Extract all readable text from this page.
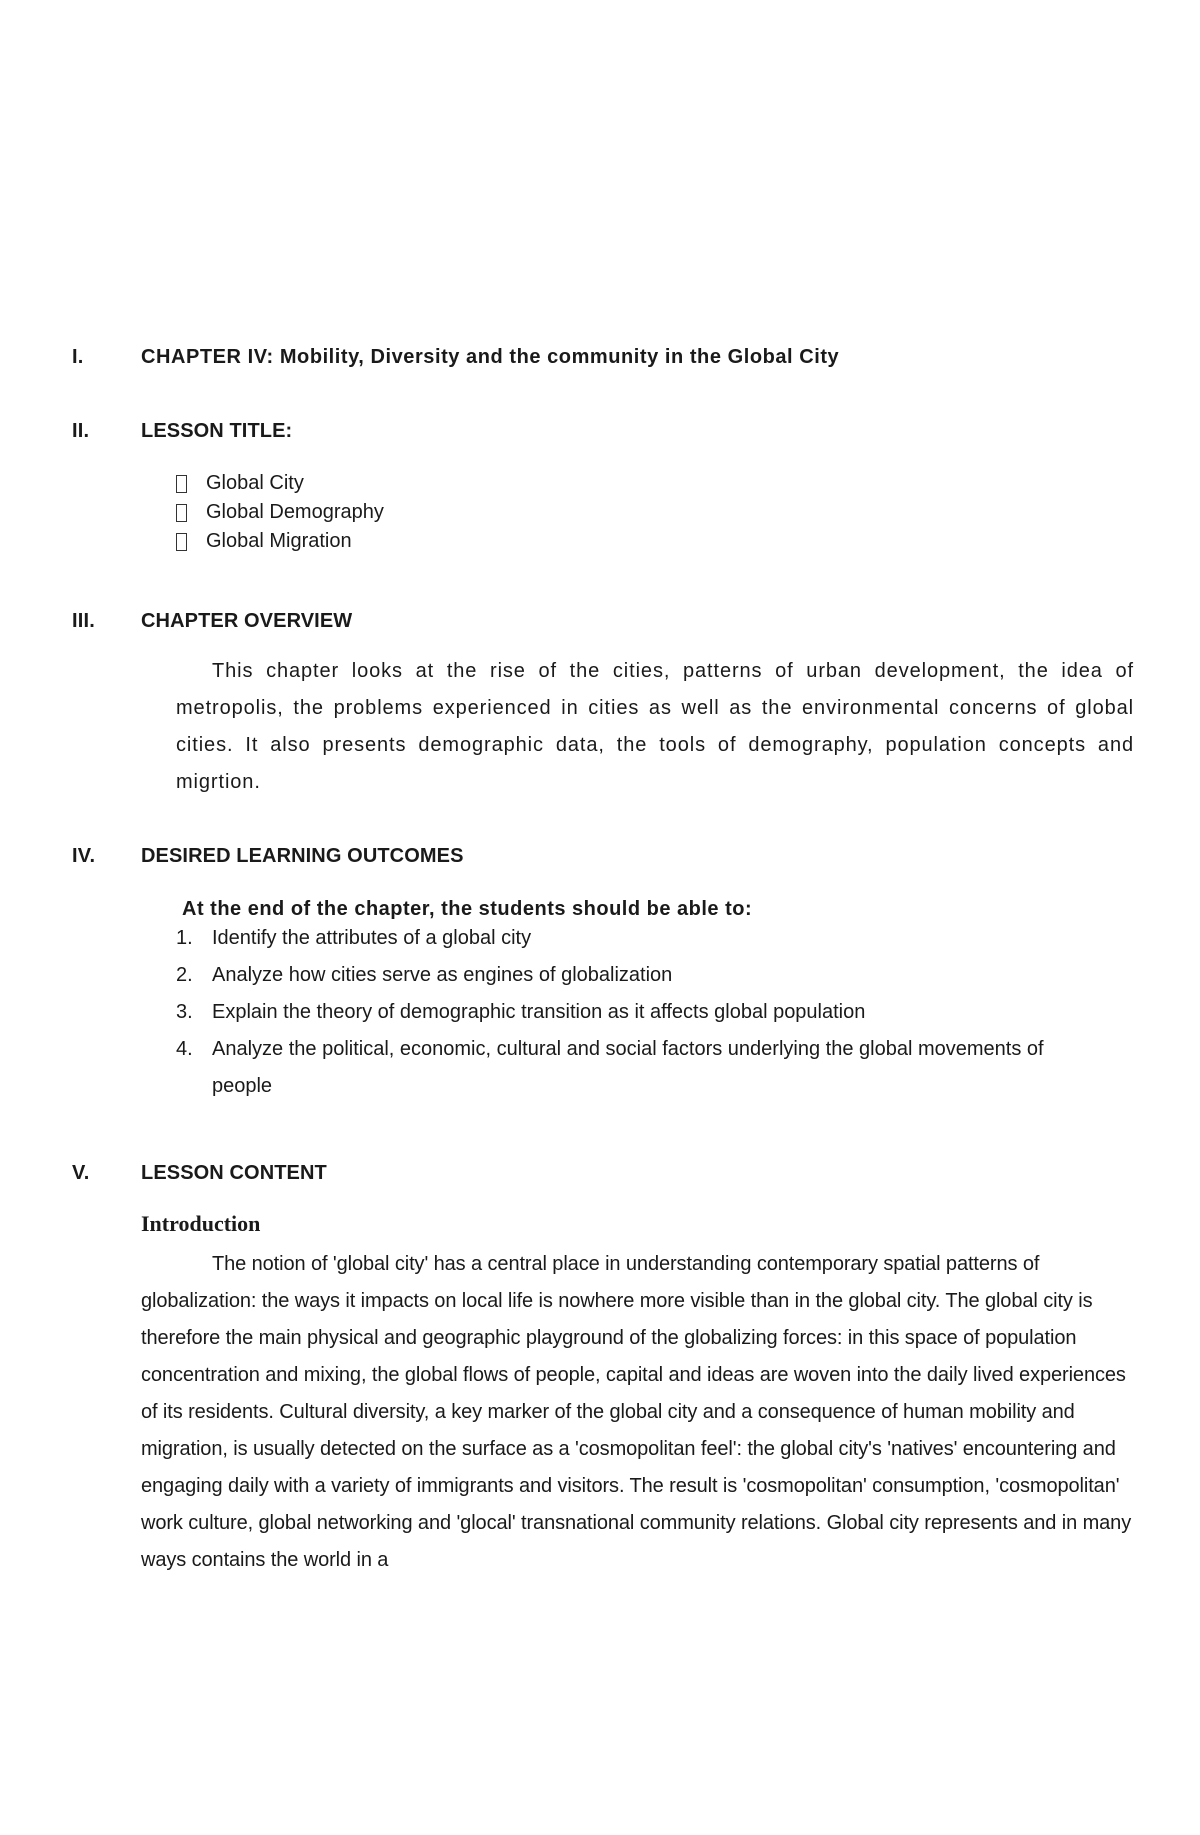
I.	CHAPTER IV: Mobility, Diversity and the community in the Global City
II.	LESSON TITLE:
Global City
Global Demography
Global Migration
III. CHAPTER OVERVIEW
This chapter looks at the rise of the cities, patterns of urban development, the idea of metropolis, the problems experienced in cities as well as the environmental concerns of global cities. It also presents demographic data, the tools of demography, population concepts and migrtion.
IV. DESIRED LEARNING OUTCOMES
At the end of the chapter, the students should be able to:
1. Identify the attributes of a global city
2. Analyze how cities serve as engines of globalization
3. Explain the theory of demographic transition as it affects global population
4. Analyze the political, economic, cultural and social factors underlying the global movements of
people
V.	LESSON CONTENT
Introduction
The notion of 'global city' has a central place in understanding contemporary spatial patterns of globalization: the ways it impacts on local life is nowhere more visible than in the global city. The global city is therefore the main physical and geographic playground of the globalizing forces: in this space of population concentration and mixing, the global flows of people, capital and ideas are woven into the daily lived experiences of its residents. Cultural diversity, a key marker of the global city and a consequence of human mobility and migration, is usually detected on the surface as a 'cosmopolitan feel': the global city's 'natives' encountering and engaging daily with a variety of immigrants and visitors. The result is 'cosmopolitan' consumption, 'cosmopolitan' work culture, global networking and 'glocal' transnational community relations. Global city represents and in many ways contains the world in a
